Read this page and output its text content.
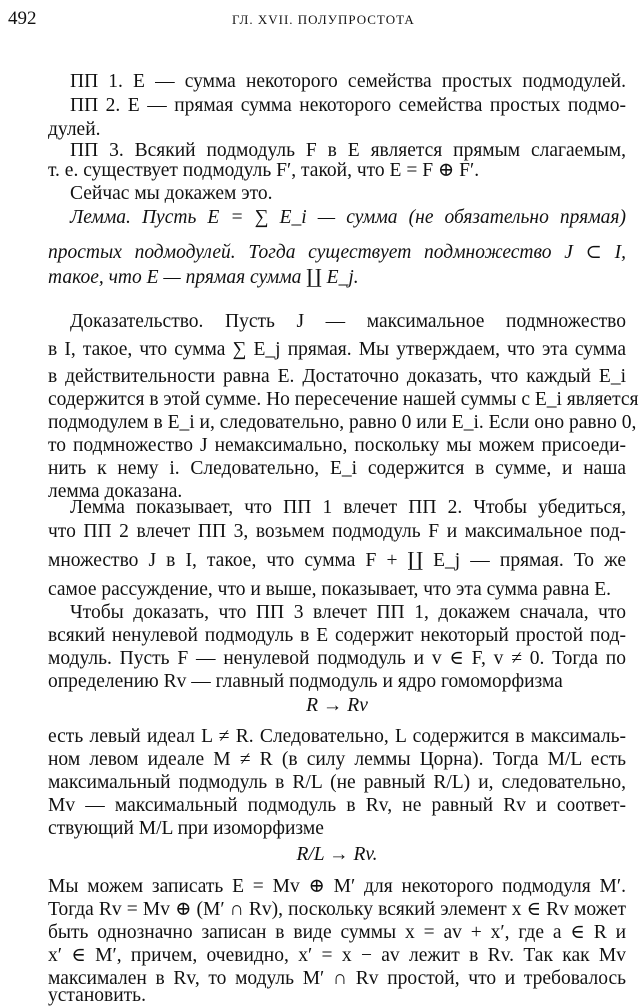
492	ГЛ. XVII. ПОЛУПРОСТОТА
ПП 1. E — сумма некоторого семейства простых подмодулей.
ПП 2. E — прямая сумма некоторого семейства простых подмо-
дулей.
ПП 3. Всякий подмодуль F в E является прямым слагаемым,
т. е. существует подмодуль F′, такой, что E = F ⊕ F′.
Сейчас мы докажем это.
Лемма. Пусть E = ∑ E_i — сумма (не обязательно прямая)
простых подмодулей. Тогда существует подмножество J ⊂ I,
такое, что E — прямая сумма ∐ E_j.
Доказательство. Пусть J — максимальное подмножество
в I, такое, что сумма ∑ E_j прямая. Мы утверждаем, что эта сумма
в действительности равна E. Достаточно доказать, что каждый E_i
содержится в этой сумме. Но пересечение нашей суммы с E_i является
подмодулем в E_i и, следовательно, равно 0 или E_i. Если оно равно 0,
то подмножество J немаксимально, поскольку мы можем присоеди-
нить к нему i. Следовательно, E_i содержится в сумме, и наша
лемма доказана.
Лемма показывает, что ПП 1 влечет ПП 2. Чтобы убедиться,
что ПП 2 влечет ПП 3, возьмем подмодуль F и максимальное под-
множество J в I, такое, что сумма F + ∐ E_j — прямая. То же
самое рассуждение, что и выше, показывает, что эта сумма равна E.
Чтобы доказать, что ПП 3 влечет ПП 1, докажем сначала, что
всякий ненулевой подмодуль в E содержит некоторый простой под-
модуль. Пусть F — ненулевой подмодуль и v ∈ F, v ≠ 0. Тогда по
определению Rv — главный подмодуль и ядро гомоморфизма
R → Rv
есть левый идеал L ≠ R. Следовательно, L содержится в максималь-
ном левом идеале M ≠ R (в силу леммы Цорна). Тогда M/L есть
максимальный подмодуль в R/L (не равный R/L) и, следовательно,
Mv — максимальный подмодуль в Rv, не равный Rv и соответ-
ствующий M/L при изоморфизме
R/L → Rv.
Мы можем записать E = Mv ⊕ M′ для некоторого подмодуля M′.
Тогда Rv = Mv ⊕ (M′ ∩ Rv), поскольку всякий элемент x ∈ Rv может
быть однозначно записан в виде суммы x = av + x′, где a ∈ R и
x′ ∈ M′, причем, очевидно, x′ = x − av лежит в Rv. Так как Mv
максимален в Rv, то модуль M′ ∩ Rv простой, что и требовалось
установить.
